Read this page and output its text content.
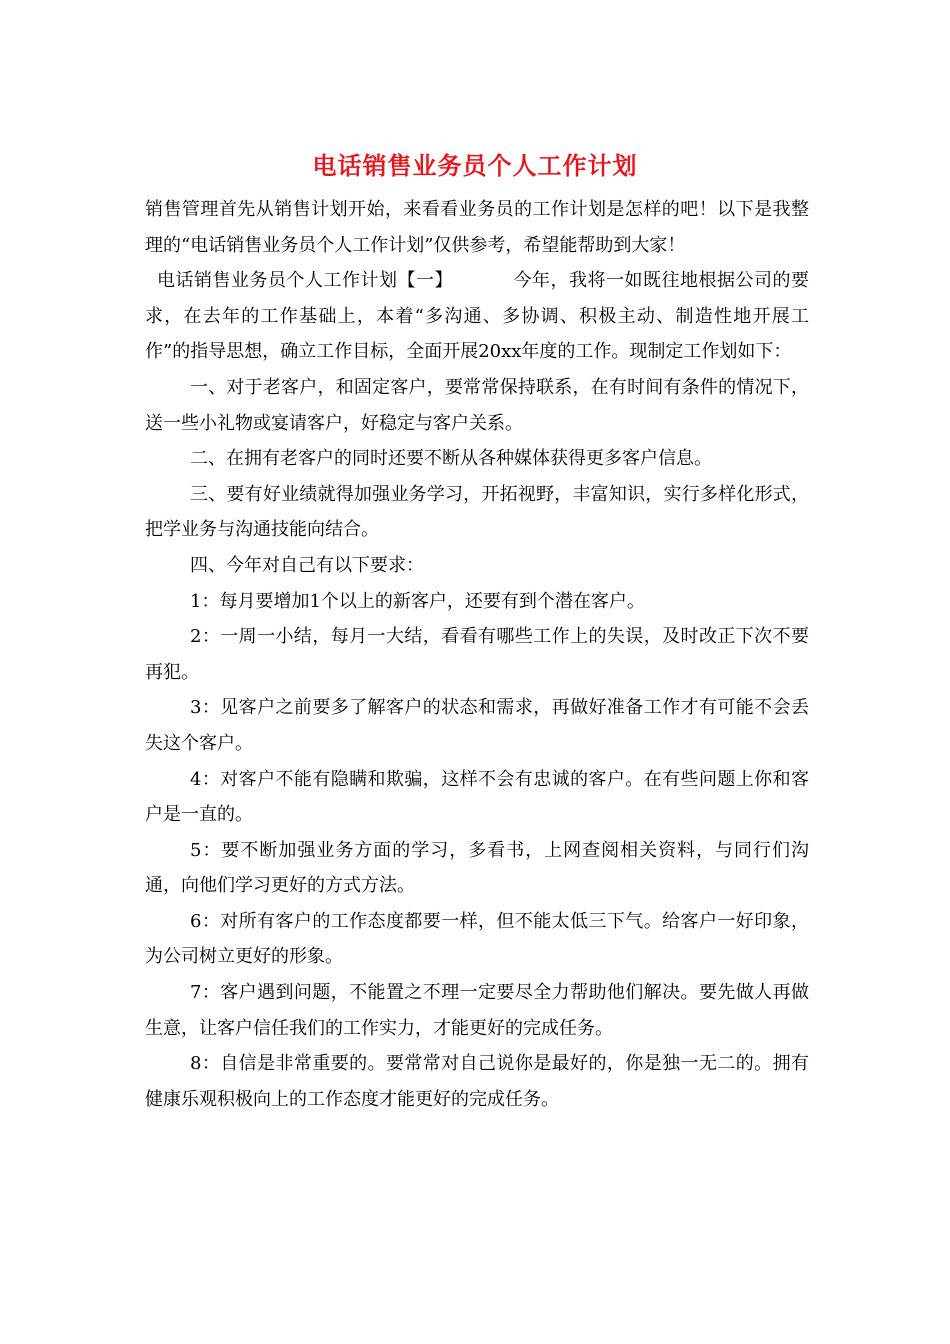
电话销售业务员个人工作计划

销售管理首先从销售计划开始，来看看业务员的工作计划是怎样的吧！以下是我整理的“电话销售业务员个人工作计划”仅供参考，希望能帮助到大家！

电话销售业务员个人工作计划【一】	今年，我将一如既往地根据公司的要求，在去年的工作基础上，本着“多沟通、多协调、积极主动、制造性地开展工作”的指导思想，确立工作目标，全面开展20xx年度的工作。现制定工作划如下：

一、对于老客户，和固定客户，要常常保持联系，在有时间有条件的情况下，送一些小礼物或宴请客户，好稳定与客户关系。

二、在拥有老客户的同时还要不断从各种媒体获得更多客户信息。

三、要有好业绩就得加强业务学习，开拓视野，丰富知识，实行多样化形式，把学业务与沟通技能向结合。

四、今年对自己有以下要求：

1：每月要增加1个以上的新客户，还要有到个潜在客户。

2：一周一小结，每月一大结，看看有哪些工作上的失误，及时改正下次不要再犯。

3：见客户之前要多了解客户的状态和需求，再做好准备工作才有可能不会丢失这个客户。

4：对客户不能有隐瞒和欺骗，这样不会有忠诚的客户。在有些问题上你和客户是一直的。

5：要不断加强业务方面的学习，多看书，上网查阅相关资料，与同行们沟通，向他们学习更好的方式方法。

6：对所有客户的工作态度都要一样，但不能太低三下气。给客户一好印象，为公司树立更好的形象。

7：客户遇到问题，不能置之不理一定要尽全力帮助他们解决。要先做人再做生意，让客户信任我们的工作实力，才能更好的完成任务。

8：自信是非常重要的。要常常对自己说你是最好的，你是独一无二的。拥有健康乐观积极向上的工作态度才能更好的完成任务。
